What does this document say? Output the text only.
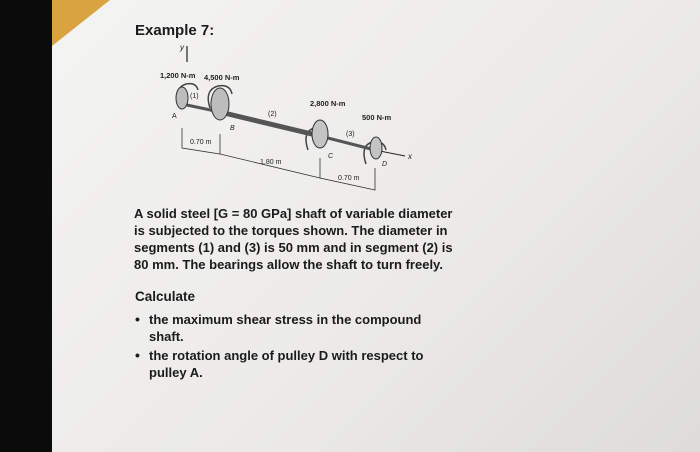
Example 7:
y
1,200 N-m 4,500 N-m
2,800 N-m
500 N-m
x
A
B
C
D
(1)
(2)
(3)
0.70 m
1.80 m
0.70 m
A solid steel [G = 80 GPa] shaft of variable diameter is subjected to the torques shown. The diameter in segments (1) and (3) is 50 mm and in segment (2) is 80 mm. The bearings allow the shaft to turn freely.
Calculate
• the maximum shear stress in the compound shaft.
• the rotation angle of pulley D with respect to pulley A.
